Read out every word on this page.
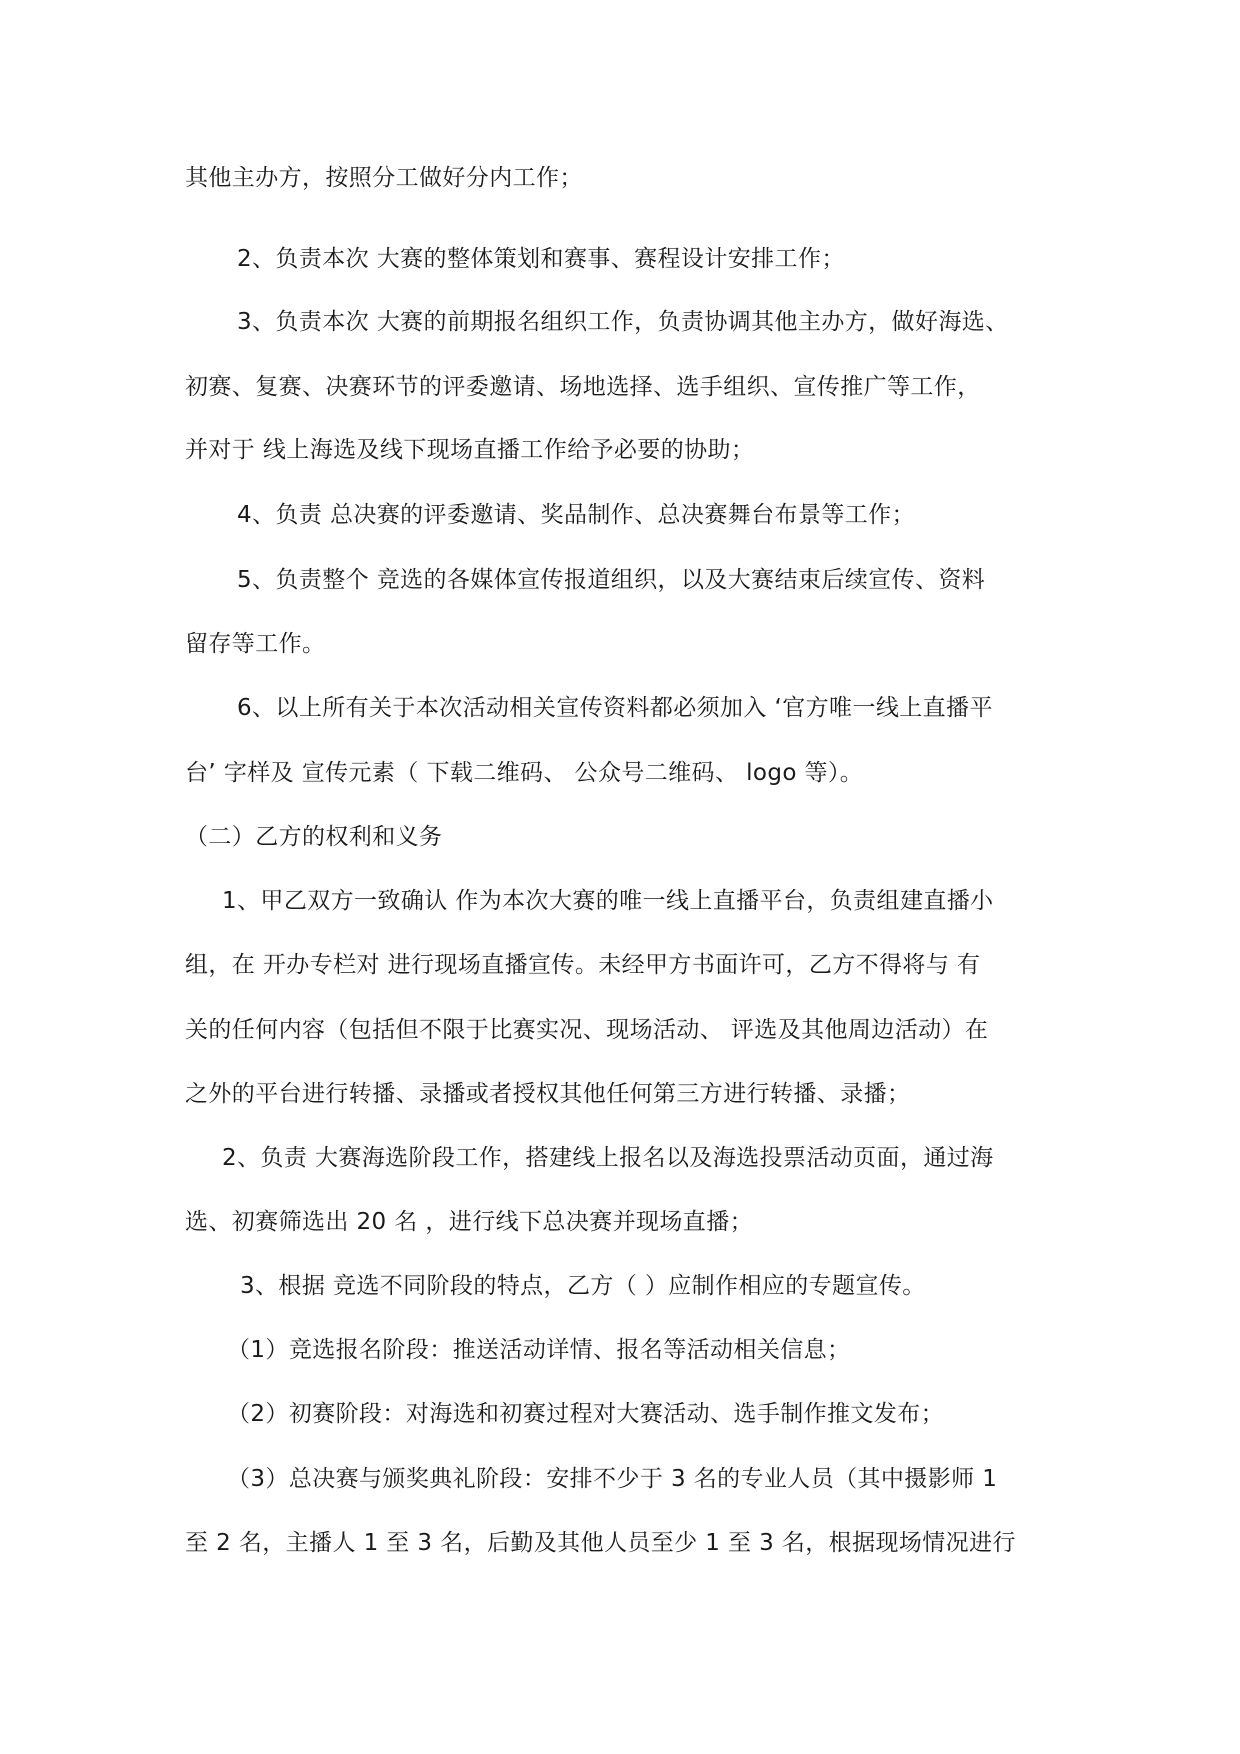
其他主办方，按照分工做好分内工作；
2、负责本次 大赛的整体策划和赛事、赛程设计安排工作；
3、负责本次 大赛的前期报名组织工作，负责协调其他主办方，做好海选、
初赛、复赛、决赛环节的评委邀请、场地选择、选手组织、宣传推广等工作，
并对于 线上海选及线下现场直播工作给予必要的协助；
4、负责 总决赛的评委邀请、奖品制作、总决赛舞台布景等工作；
5、负责整个 竞选的各媒体宣传报道组织，以及大赛结束后续宣传、资料
留存等工作。
6、以上所有关于本次活动相关宣传资料都必须加入 ‘官方唯一线上直播平
台’ 字样及 宣传元素（ 下载二维码、 公众号二维码、 logo 等）。
（二）乙方的权利和义务
1、甲乙双方一致确认 作为本次大赛的唯一线上直播平台，负责组建直播小
组，在 开办专栏对 进行现场直播宣传。未经甲方书面许可，乙方不得将与 有
关的任何内容（包括但不限于比赛实况、现场活动、 评选及其他周边活动）在
之外的平台进行转播、录播或者授权其他任何第三方进行转播、录播；
2、负责 大赛海选阶段工作，搭建线上报名以及海选投票活动页面，通过海
选、初赛筛选出 20 名 ，进行线下总决赛并现场直播；
3、根据 竞选不同阶段的特点，乙方（ ）应制作相应的专题宣传。
（1）竞选报名阶段：推送活动详情、报名等活动相关信息；
（2）初赛阶段：对海选和初赛过程对大赛活动、选手制作推文发布；
（3）总决赛与颁奖典礼阶段：安排不少于 3 名的专业人员（其中摄影师 1
至 2 名，主播人 1 至 3 名，后勤及其他人员至少 1 至 3 名，根据现场情况进行
